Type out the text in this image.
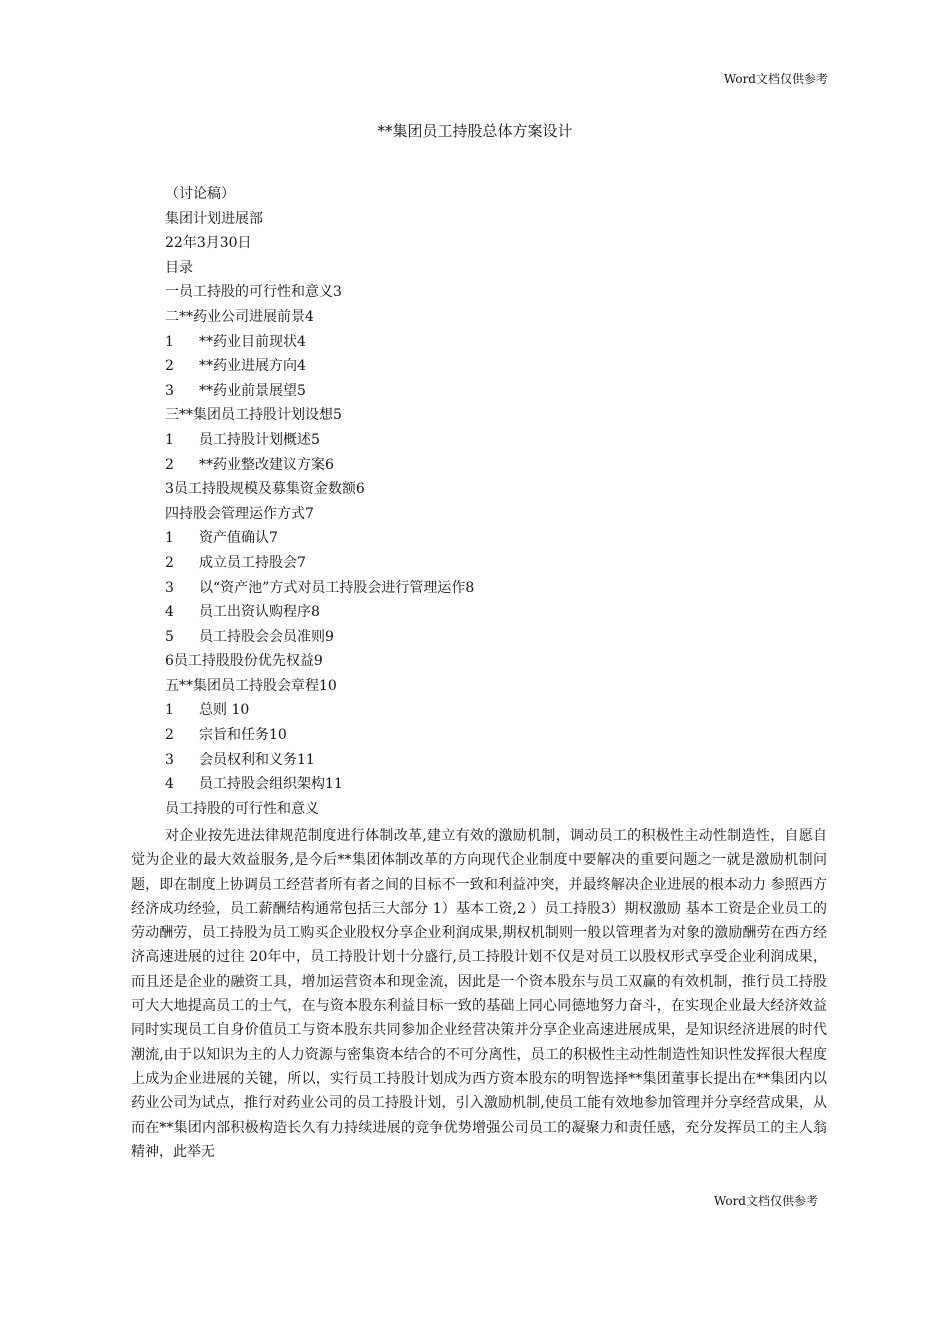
Word文档仅供参考
**集团员工持股总体方案设计
（讨论稿）
集团计划进展部
22年3月30日
目录
一员工持股的可行性和意义3
二**药业公司进展前景4
1 **药业目前现状4
2 **药业进展方向4
3 **药业前景展望5
三**集团员工持股计划设想5
1 员工持股计划概述5
2 **药业整改建议方案6
3员工持股规模及募集资金数额6
四持股会管理运作方式7
1 资产值确认7
2 成立员工持股会7
3 以“资产池”方式对员工持股会进行管理运作8
4 员工出资认购程序8
5 员工持股会会员准则9
6员工持股股份优先权益9
五**集团员工持股会章程10
1 总则 10
2 宗旨和任务10
3 会员权利和义务11
4 员工持股会组织架构11
员工持股的可行性和意义
对企业按先进法律规范制度进行体制改革,建立有效的激励机制，调动员工的积极性主动性制造性，自愿自觉为企业的最大效益服务,是今后**集团体制改革的方向现代企业制度中要解决的重要问题之一就是激励机制问题，即在制度上协调员工经营者所有者之间的目标不一致和利益冲突，并最终解决企业进展的根本动力 参照西方经济成功经验，员工薪酬结构通常包括三大部分 1）基本工资,2 ）员工持股3）期权激励 基本工资是企业员工的劳动酬劳，员工持股为员工购买企业股权分享企业利润成果,期权机制则一般以管理者为对象的激励酬劳在西方经济高速进展的过往 20年中，员工持股计划十分盛行,员工持股计划不仅是对员工以股权形式享受企业利润成果，而且还是企业的融资工具，增加运营资本和现金流，因此是一个资本股东与员工双赢的有效机制，推行员工持股可大大地提高员工的士气，在与资本股东利益目标一致的基础上同心同德地努力奋斗，在实现企业最大经济效益同时实现员工自身价值员工与资本股东共同参加企业经营决策并分享企业高速进展成果，是知识经济进展的时代潮流,由于以知识为主的人力资源与密集资本结合的不可分离性，员工的积极性主动性制造性知识性发挥很大程度上成为企业进展的关键，所以，实行员工持股计划成为西方资本股东的明智选择**集团董事长提出在**集团内以药业公司为试点，推行对药业公司的员工持股计划，引入激励机制,使员工能有效地参加管理并分享经营成果，从而在**集团内部积极构造长久有力持续进展的竞争优势增强公司员工的凝聚力和责任感，充分发挥员工的主人翁精神，此举无
Word文档仅供参考
